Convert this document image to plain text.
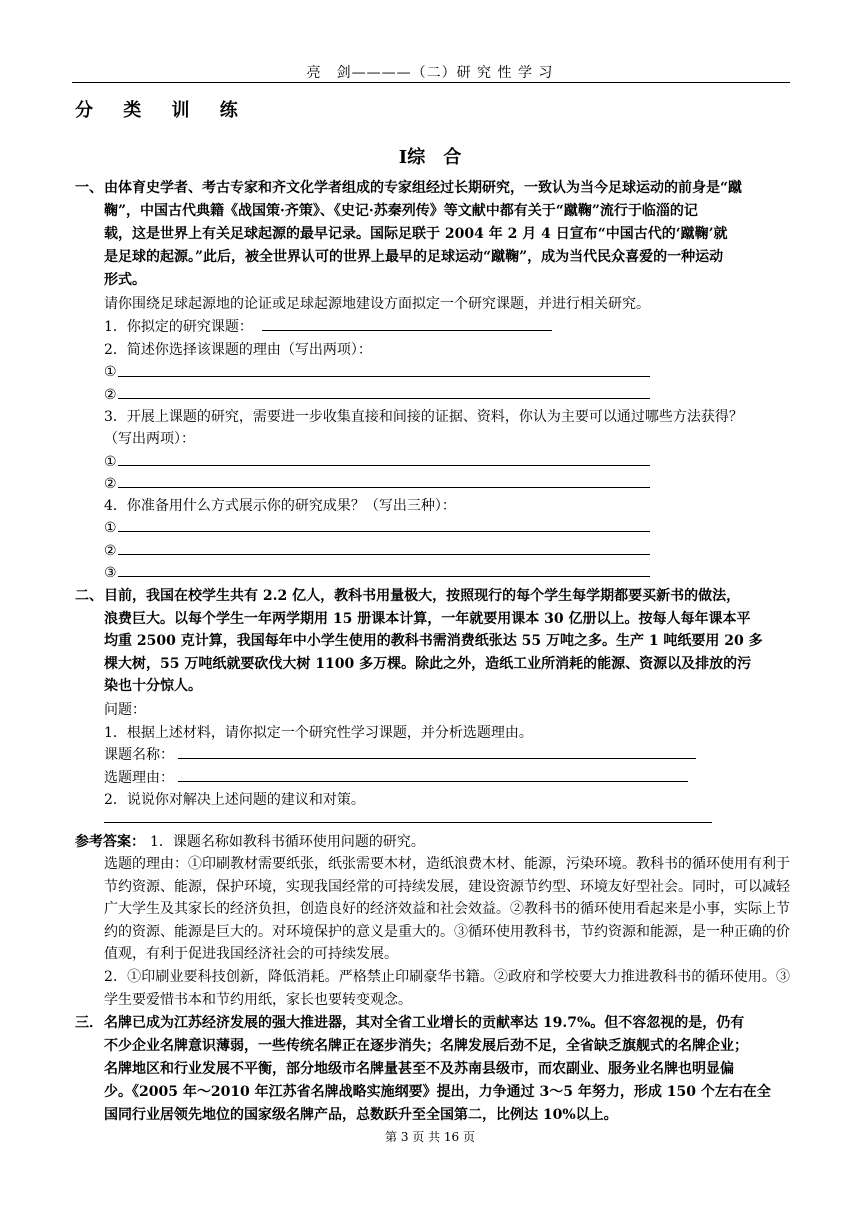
亮　剑————（二）研 究 性 学 习
分 类 训 练
Ⅰ综　合
一、 由体育史学者、考古专家和齐文化学者组成的专家组经过长期研究，一致认为当今足球运动的前身是“蹴
鞠”，中国古代典籍《战国策·齐策》、《史记·苏秦列传》等文献中都有关于“蹴鞠”流行于临淄的记
载，这是世界上有关足球起源的最早记录。国际足联于 2004 年 2 月 4 日宣布“中国古代的‘蹴鞠’就
是足球的起源。”此后，被全世界认可的世界上最早的足球运动“蹴鞠”，成为当代民众喜爱的一种运动
形式。
请你围绕足球起源地的论证或足球起源地建设方面拟定一个研究课题，并进行相关研究。
1．你拟定的研究课题：
2．简述你选择该课题的理由（写出两项）：
①
②
3．开展上课题的研究，需要进一步收集直接和间接的证据、资料，你认为主要可以通过哪些方法获得？
（写出两项）：
①
②
4．你准备用什么方式展示你的研究成果？（写出三种）：
①
②
③
二、 目前，我国在校学生共有 2.2 亿人，教科书用量极大，按照现行的每个学生每学期都要买新书的做法，
浪费巨大。以每个学生一年两学期用 15 册课本计算，一年就要用课本 30 亿册以上。按每人每年课本平
均重 2500 克计算，我国每年中小学生使用的教科书需消费纸张达 55 万吨之多。生产 1 吨纸要用 20 多
棵大树，55 万吨纸就要砍伐大树 1100 多万棵。除此之外，造纸工业所消耗的能源、资源以及排放的污
染也十分惊人。
问题：
1．根据上述材料，请你拟定一个研究性学习课题，并分析选题理由。
课题名称：
选题理由：
2．说说你对解决上述问题的建议和对策。
参考答案： 1．课题名称如教科书循环使用问题的研究。
选题的理由：①印刷教材需要纸张，纸张需要木材，造纸浪费木材、能源，污染环境。教科书的循环使用有利于节约资源、能源，保护环境，实现我国经常的可持续发展，建设资源节约型、环境友好型社会。同时，可以减轻广大学生及其家长的经济负担，创造良好的经济效益和社会效益。②教科书的循环使用看起来是小事，实际上节约的资源、能源是巨大的。对环境保护的意义是重大的。③循环使用教科书，节约资源和能源，是一种正确的价值观，有利于促进我国经济社会的可持续发展。
2．①印刷业要科技创新，降低消耗。严格禁止印刷豪华书籍。②政府和学校要大力推进教科书的循环使用。③学生要爱惜书本和节约用纸，家长也要转变观念。
三． 名牌已成为江苏经济发展的强大推进器，其对全省工业增长的贡献率达 19.7%。但不容忽视的是，仍有
不少企业名牌意识薄弱，一些传统名牌正在逐步消失；名牌发展后劲不足，全省缺乏旗舰式的名牌企业；
名牌地区和行业发展不平衡，部分地级市名牌量甚至不及苏南县级市，而农副业、服务业名牌也明显偏
少。《2005 年～2010 年江苏省名牌战略实施纲要》提出，力争通过 3～5 年努力，形成 150 个左右在全
国同行业居领先地位的国家级名牌产品，总数跃升至全国第二，比例达 10%以上。
第 3 页 共 16 页
